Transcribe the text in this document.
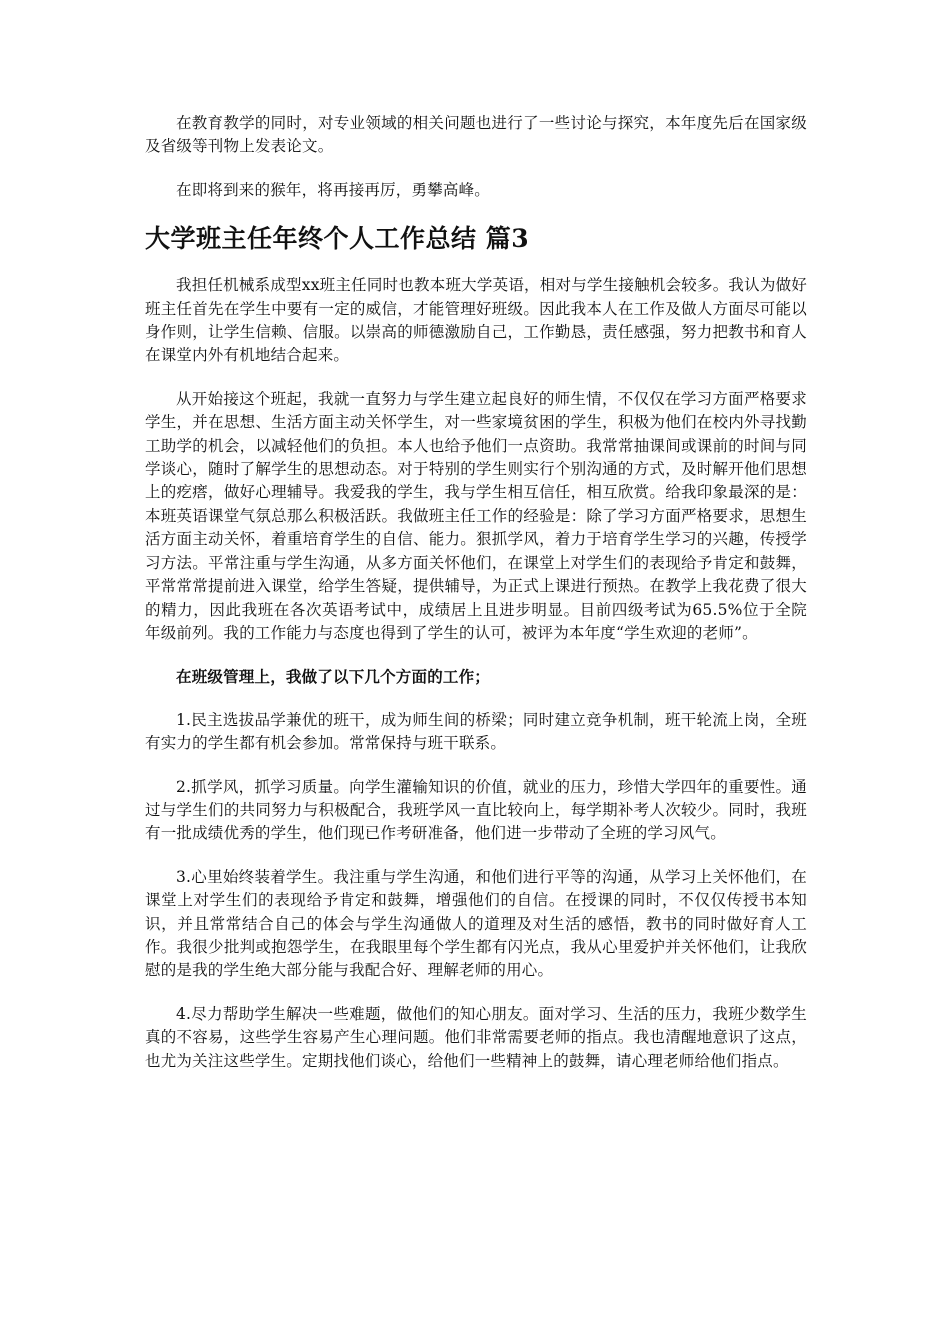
在教育教学的同时，对专业领域的相关问题也进行了一些讨论与探究，本年度先后在国家级及省级等刊物上发表论文。

在即将到来的猴年，将再接再厉，勇攀高峰。

大学班主任年终个人工作总结 篇3

我担任机械系成型xx班主任同时也教本班大学英语，相对与学生接触机会较多。我认为做好班主任首先在学生中要有一定的威信，才能管理好班级。因此我本人在工作及做人方面尽可能以身作则，让学生信赖、信服。以崇高的师德激励自己，工作勤恳，责任感强，努力把教书和育人在课堂内外有机地结合起来。

从开始接这个班起，我就一直努力与学生建立起良好的师生情，不仅仅在学习方面严格要求学生，并在思想、生活方面主动关怀学生，对一些家境贫困的学生，积极为他们在校内外寻找勤工助学的机会，以减轻他们的负担。本人也给予他们一点资助。我常常抽课间或课前的时间与同学谈心，随时了解学生的思想动态。对于特别的学生则实行个别沟通的方式，及时解开他们思想上的疙瘩，做好心理辅导。我爱我的学生，我与学生相互信任，相互欣赏。给我印象最深的是：本班英语课堂气氛总那么积极活跃。我做班主任工作的经验是：除了学习方面严格要求，思想生活方面主动关怀，着重培育学生的自信、能力。狠抓学风，着力于培育学生学习的兴趣，传授学习方法。平常注重与学生沟通，从多方面关怀他们，在课堂上对学生们的表现给予肯定和鼓舞，平常常常提前进入课堂，给学生答疑，提供辅导，为正式上课进行预热。在教学上我花费了很大的精力，因此我班在各次英语考试中，成绩居上且进步明显。目前四级考试为65.5%位于全院年级前列。我的工作能力与态度也得到了学生的认可，被评为本年度“学生欢迎的老师”。

在班级管理上，我做了以下几个方面的工作；

1.民主选拔品学兼优的班干，成为师生间的桥梁；同时建立竞争机制，班干轮流上岗，全班有实力的学生都有机会参加。常常保持与班干联系。

2.抓学风，抓学习质量。向学生灌输知识的价值，就业的压力，珍惜大学四年的重要性。通过与学生们的共同努力与积极配合，我班学风一直比较向上，每学期补考人次较少。同时，我班有一批成绩优秀的学生，他们现已作考研准备，他们进一步带动了全班的学习风气。

3.心里始终装着学生。我注重与学生沟通，和他们进行平等的沟通，从学习上关怀他们，在课堂上对学生们的表现给予肯定和鼓舞，增强他们的自信。在授课的同时，不仅仅传授书本知识，并且常常结合自己的体会与学生沟通做人的道理及对生活的感悟，教书的同时做好育人工作。我很少批判或抱怨学生，在我眼里每个学生都有闪光点，我从心里爱护并关怀他们，让我欣慰的是我的学生绝大部分能与我配合好、理解老师的用心。

4.尽力帮助学生解决一些难题，做他们的知心朋友。面对学习、生活的压力，我班少数学生真的不容易，这些学生容易产生心理问题。他们非常需要老师的指点。我也清醒地意识了这点，也尤为关注这些学生。定期找他们谈心，给他们一些精神上的鼓舞，请心理老师给他们指点。
